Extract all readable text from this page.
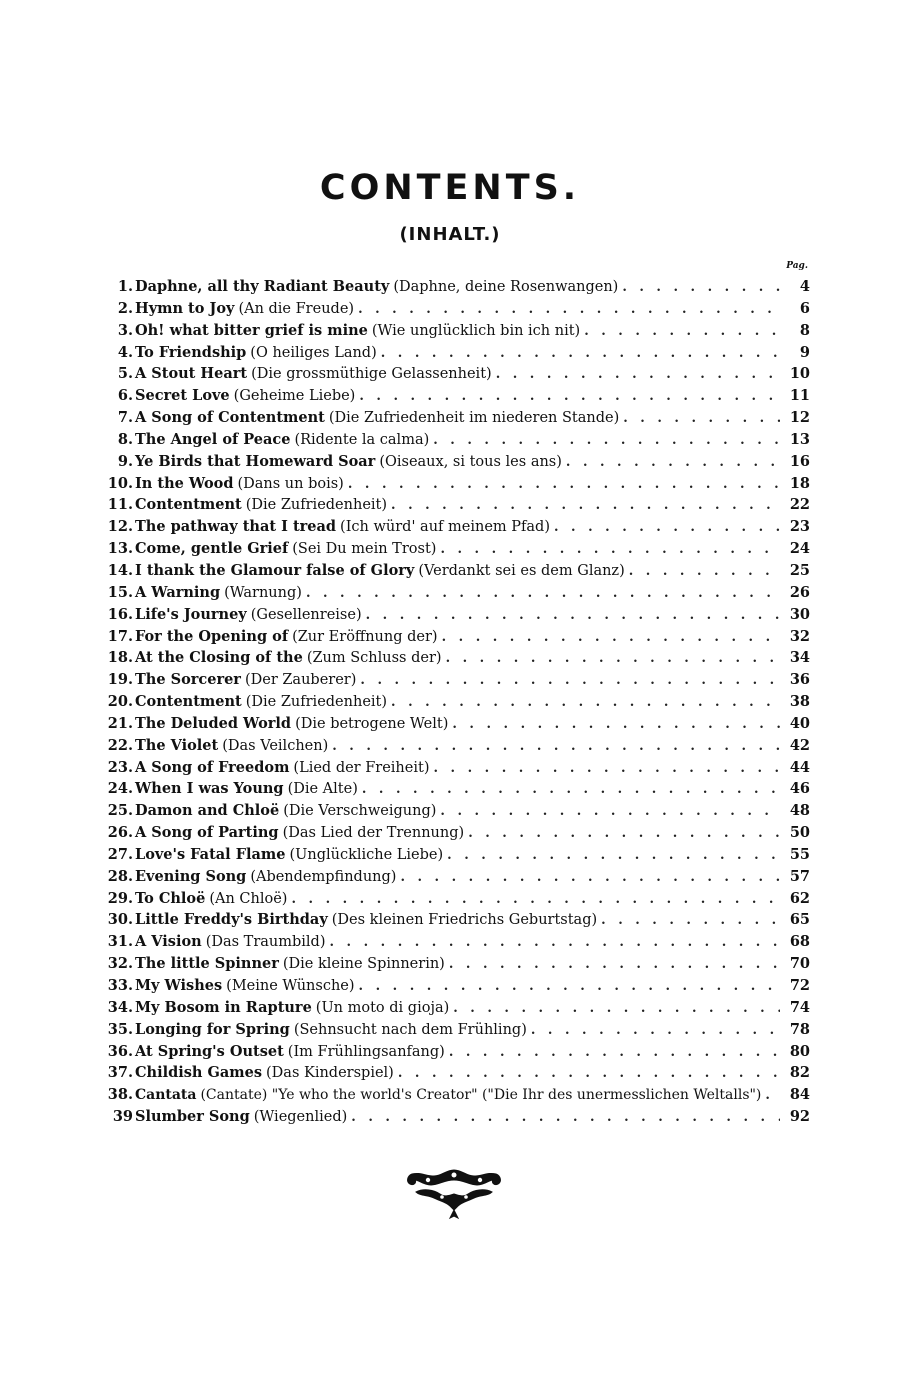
CONTENTS.
(INHALT.)
Pag.
1. Daphne, all thy Radiant Beauty (Daphne, deine Rosenwangen) . . .	4
2. Hymn to Joy (An die Freude) . . .	6
3. Oh! what bitter grief is mine (Wie unglücklich bin ich nit) . . .	8
4. To Friendship (O heiliges Land) . . .	9
5. A Stout Heart (Die grossmüthige Gelassenheit) . . .	10
6. Secret Love (Geheime Liebe) . . .	11
7. A Song of Contentment (Die Zufriedenheit im niederen Stande) . . .	12
8. The Angel of Peace (Ridente la calma) . . .	13
9. Ye Birds that Homeward Soar (Oiseaux, si tous les ans) . . .	16
10. In the Wood (Dans un bois) . . .	18
11. Contentment (Die Zufriedenheit) . . .	22
12. The pathway that I tread (Ich würd' auf meinem Pfad) . . .	23
13. Come, gentle Grief (Sei Du mein Trost) . . .	24
14. I thank the Glamour false of Glory (Verdankt sei es dem Glanz) . . .	25
15. A Warning (Warnung) . . .	26
16. Life's Journey (Gesellenreise) . . .	30
17. For the Opening of (Zur Eröffnung der) . . .	32
18. At the Closing of the (Zum Schluss der) . . .	34
19. The Sorcerer (Der Zauberer) . . .	36
20. Contentment (Die Zufriedenheit) . . .	38
21. The Deluded World (Die betrogene Welt) . . .	40
22. The Violet (Das Veilchen) . . .	42
23. A Song of Freedom (Lied der Freiheit) . . .	44
24. When I was Young (Die Alte) . . .	46
25. Damon and Chloë (Die Verschweigung) . . .	48
26. A Song of Parting (Das Lied der Trennung) . . .	50
27. Love's Fatal Flame (Unglückliche Liebe) . . .	55
28. Evening Song (Abendempfindung) . . .	57
29. To Chloë (An Chloë) . . .	62
30. Little Freddy's Birthday (Des kleinen Friedrichs Geburtstag) . . .	65
31. A Vision (Das Traumbild) . . .	68
32. The little Spinner (Die kleine Spinnerin) . . .	70
33. My Wishes (Meine Wünsche) . . .	72
34. My Bosom in Rapture (Un moto di gioja) . . .	74
35. Longing for Spring (Sehnsucht nach dem Frühling) . . .	78
36. At Spring's Outset (Im Frühlingsanfang) . . .	80
37. Childish Games (Das Kinderspiel) . . .	82
38. Cantata (Cantate) "Ye who the world's Creator" ("Die Ihr des unermesslichen Weltalls") . . .	84
39 Slumber Song (Wiegenlied) . . .	92
